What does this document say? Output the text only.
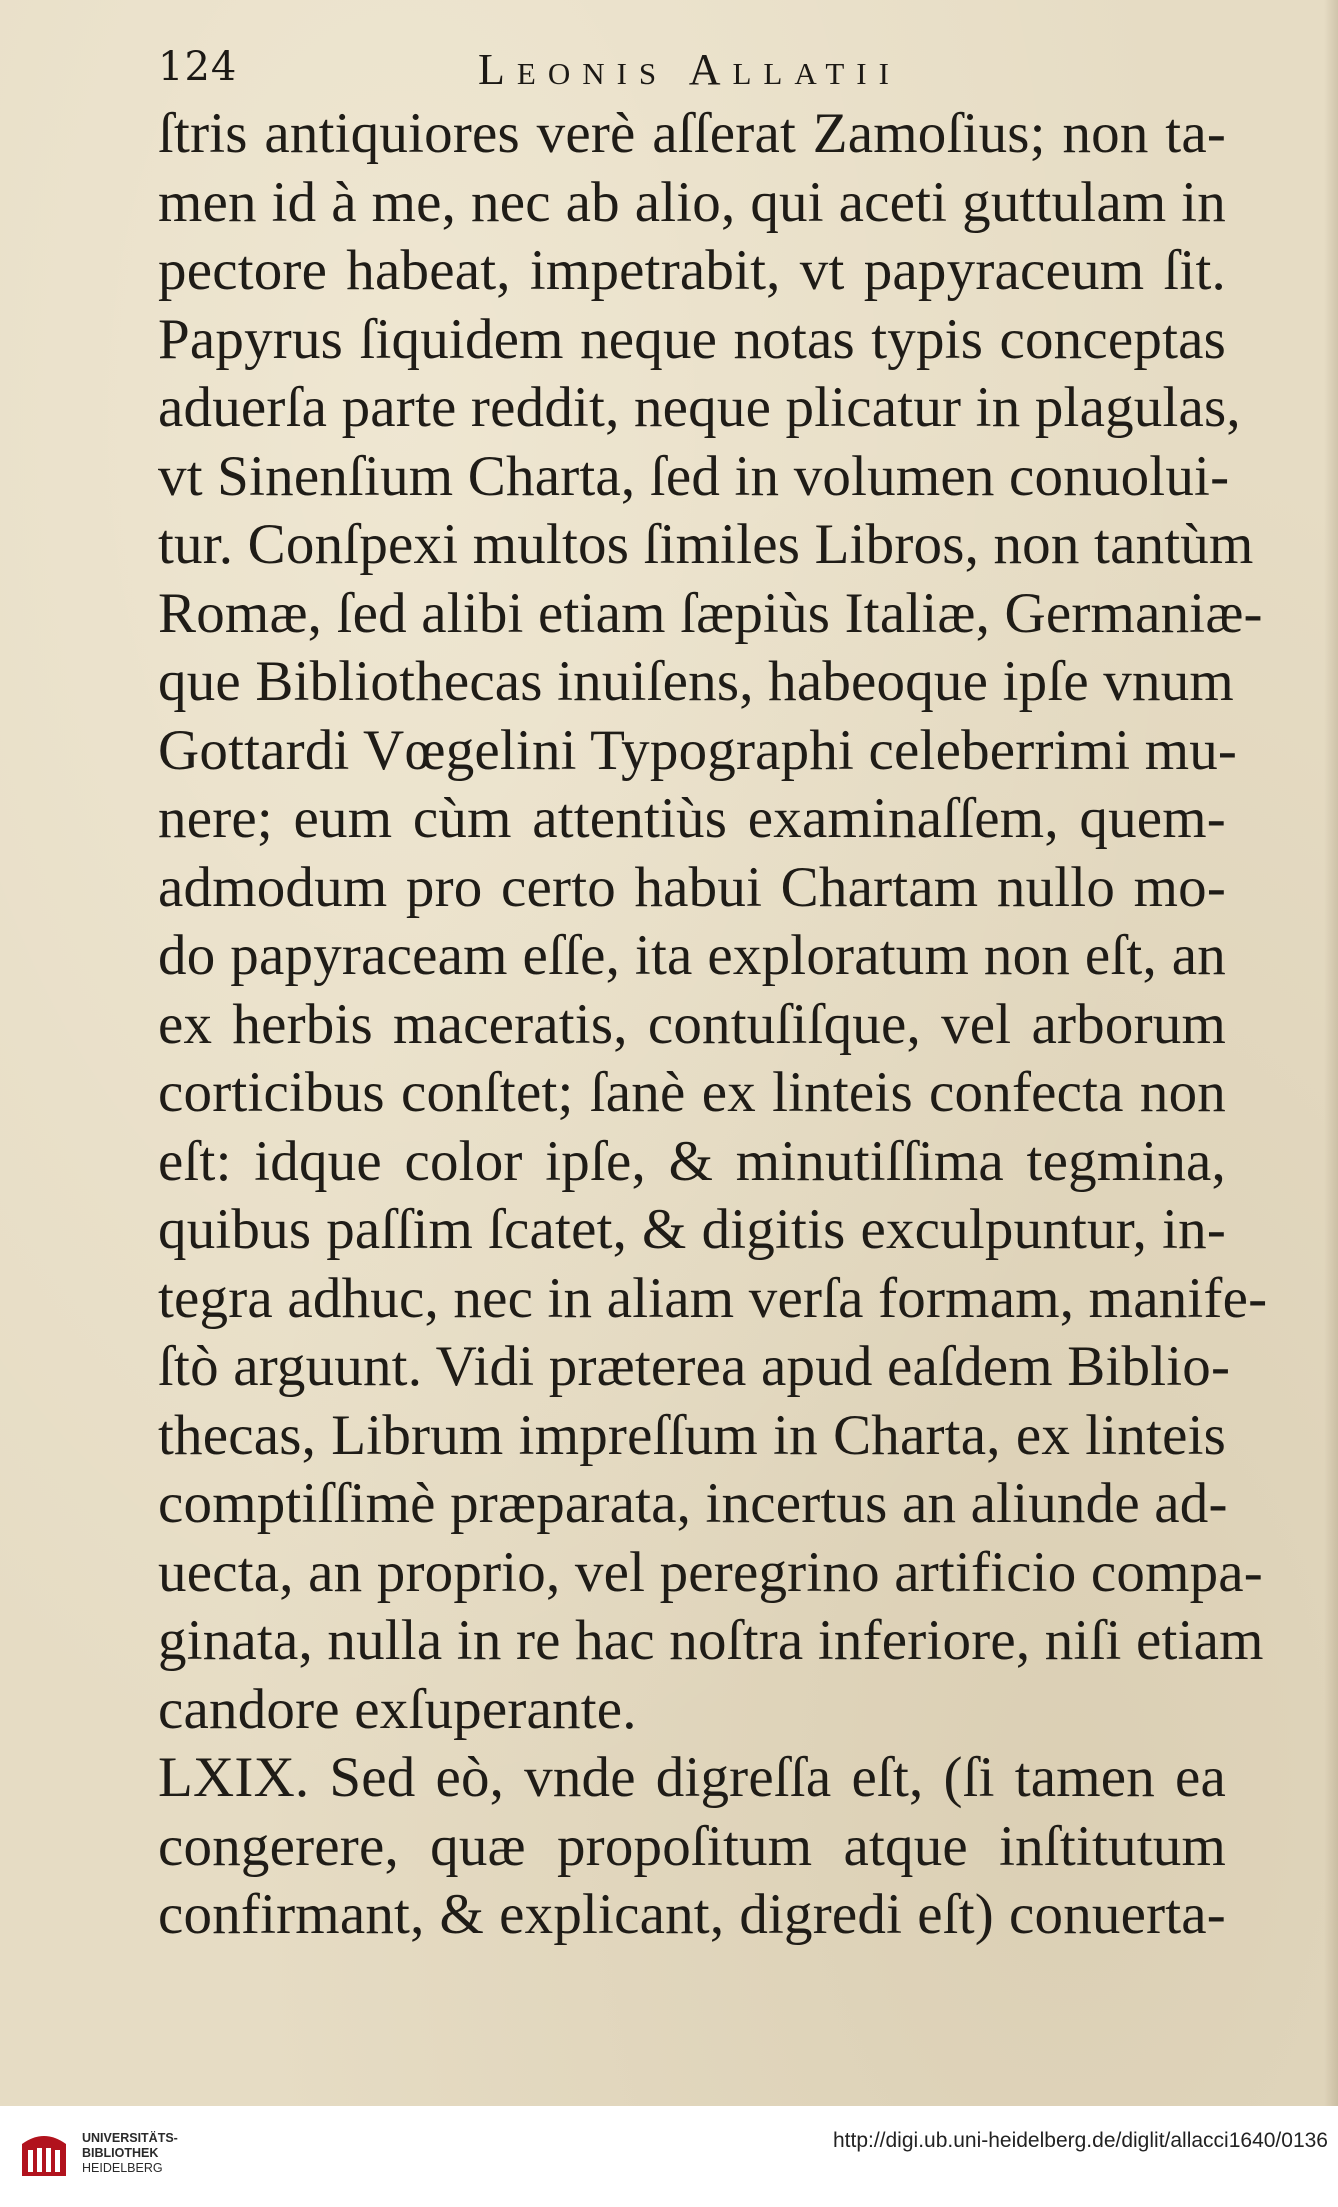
124	Leonis Allatii
ſtris antiquiores verè aſſerat Zamoſius; non ta-
men id à me, nec ab alio, qui aceti guttulam in
pectore habeat, impetrabit, vt papyraceum ſit.
Papyrus ſiquidem neque notas typis conceptas
aduerſa parte reddit, neque plicatur in plagulas,
vt Sinenſium Charta, ſed in volumen conuolui-
tur. Conſpexi multos ſimiles Libros, non tantùm
Romæ, ſed alibi etiam ſæpiùs Italiæ, Germaniæ-
que Bibliothecas inuiſens, habeoque ipſe vnum
Gottardi Vœgelini Typographi celeberrimi mu-
nere; eum cùm attentiùs examinaſſem, quem-
admodum pro certo habui Chartam nullo mo-
do papyraceam eſſe, ita exploratum non eſt, an
ex herbis maceratis, contuſiſque, vel arborum
corticibus conſtet; ſanè ex linteis confecta non
eſt: idque color ipſe, & minutiſſima tegmina,
quibus paſſim ſcatet, & digitis exculpuntur, in-
tegra adhuc, nec in aliam verſa formam, manife-
ſtò arguunt. Vidi præterea apud eaſdem Biblio-
thecas, Librum impreſſum in Charta, ex linteis
comptiſſimè præparata, incertus an aliunde ad-
uecta, an proprio, vel peregrino artificio compa-
ginata, nulla in re hac noſtra inferiore, niſi etiam
candore exſuperante.
LXIX. Sed eò, vnde digreſſa eſt, (ſi tamen ea
congerere, quæ propoſitum atque inſtitutum
confirmant, & explicant, digredi eſt) conuerta-
UNIVERSITÄTS-
BIBLIOTHEK
HEIDELBERG
http://digi.ub.uni-heidelberg.de/diglit/allacci1640/0136
